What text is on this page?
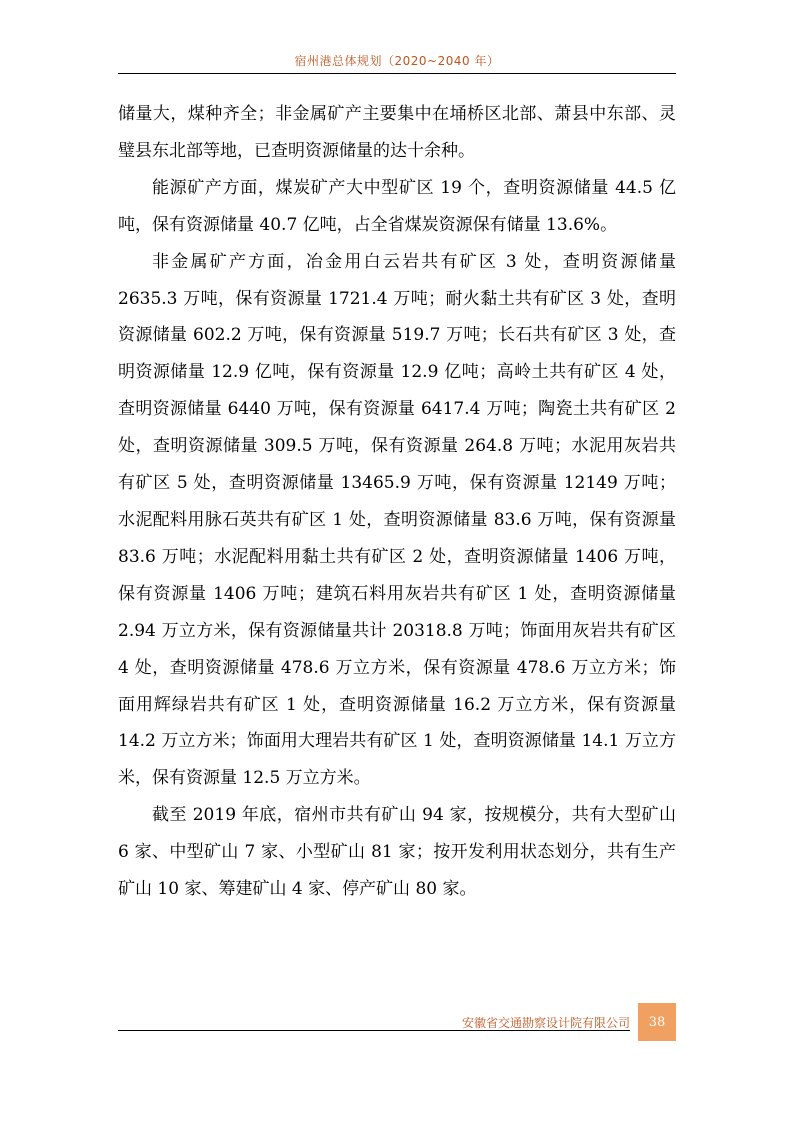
宿州港总体规划（2020~2040 年）

储量大，煤种齐全；非金属矿产主要集中在埇桥区北部、萧县中东部、灵璧县东北部等地，已查明资源储量的达十余种。

能源矿产方面，煤炭矿产大中型矿区 19 个，查明资源储量 44.5 亿吨，保有资源储量 40.7 亿吨，占全省煤炭资源保有储量 13.6%。

非金属矿产方面，冶金用白云岩共有矿区 3 处，查明资源储量 2635.3 万吨，保有资源量 1721.4 万吨；耐火黏土共有矿区 3 处，查明资源储量 602.2 万吨，保有资源量 519.7 万吨；长石共有矿区 3 处，查明资源储量 12.9 亿吨，保有资源量 12.9 亿吨；高岭土共有矿区 4 处，查明资源储量 6440 万吨，保有资源量 6417.4 万吨；陶瓷土共有矿区 2 处，查明资源储量 309.5 万吨，保有资源量 264.8 万吨；水泥用灰岩共有矿区 5 处，查明资源储量 13465.9 万吨，保有资源量 12149 万吨；水泥配料用脉石英共有矿区 1 处，查明资源储量 83.6 万吨，保有资源量 83.6 万吨；水泥配料用黏土共有矿区 2 处，查明资源储量 1406 万吨，保有资源量 1406 万吨；建筑石料用灰岩共有矿区 1 处，查明资源储量 2.94 万立方米，保有资源储量共计 20318.8 万吨；饰面用灰岩共有矿区 4 处，查明资源储量 478.6 万立方米，保有资源量 478.6 万立方米；饰面用辉绿岩共有矿区 1 处，查明资源储量 16.2 万立方米，保有资源量 14.2 万立方米；饰面用大理岩共有矿区 1 处，查明资源储量 14.1 万立方米，保有资源量 12.5 万立方米。

截至 2019 年底，宿州市共有矿山 94 家，按规模分，共有大型矿山 6 家、中型矿山 7 家、小型矿山 81 家；按开发利用状态划分，共有生产矿山 10 家、筹建矿山 4 家、停产矿山 80 家。

安徽省交通勘察设计院有限公司 38
